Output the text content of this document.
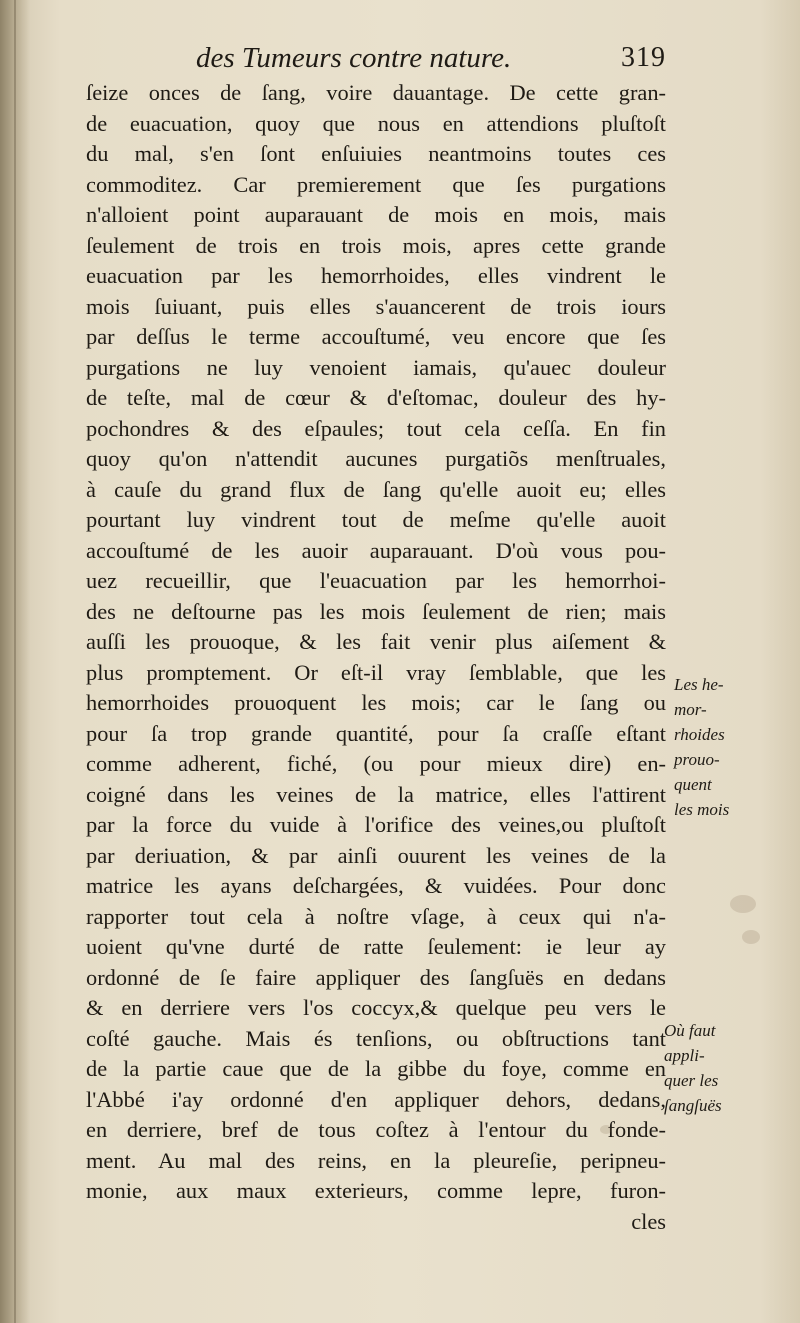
des Tumeurs contre nature.	319
ſeize onces de ſang, voire dauantage. De cette gran-
de euacuation, quoy que nous en attendions pluſtoſt
du mal, s'en ſont enſuiuies neantmoins toutes ces
commoditez. Car premierement que ſes purgations
n'alloient point auparauant de mois en mois, mais
ſeulement de trois en trois mois, apres cette grande
euacuation par les hemorrhoides, elles vindrent le
mois ſuiuant, puis elles s'auancerent de trois iours
par deſſus le terme accouſtumé, veu encore que ſes
purgations ne luy venoient iamais, qu'auec douleur
de teſte, mal de cœur & d'eſtomac, douleur des hy-
pochondres & des eſpaules; tout cela ceſſa. En fin
quoy qu'on n'attendit aucunes purgatiõs menſtruales,
à cauſe du grand flux de ſang qu'elle auoit eu; elles
pourtant luy vindrent tout de meſme qu'elle auoit
accouſtumé de les auoir auparauant. D'où vous pou-
uez recueillir, que l'euacuation par les hemorrhoi-
des ne deſtourne pas les mois ſeulement de rien; mais
auſſi les prouoque, & les fait venir plus aiſement &
plus promptement. Or eſt-il vray ſemblable, que les
hemorrhoides prouoquent les mois; car le ſang ou
pour ſa trop grande quantité, pour ſa craſſe eſtant
comme adherent, fiché, (ou pour mieux dire) en-
coigné dans les veines de la matrice, elles l'attirent
par la force du vuide à l'orifice des veines,ou pluſtoſt
par deriuation, & par ainſi ouurent les veines de la
matrice les ayans deſchargées, & vuidées. Pour donc
rapporter tout cela à noſtre vſage, à ceux qui n'a-
uoient qu'vne durté de ratte ſeulement: ie leur ay
ordonné de ſe faire appliquer des ſangſuës en dedans
& en derriere vers l'os coccyx,& quelque peu vers le
coſté gauche. Mais és tenſions, ou obſtructions tant
de la partie caue que de la gibbe du foye, comme en
l'Abbé i'ay ordonné d'en appliquer dehors, dedans,
en derriere, bref de tous coſtez à l'entour du fonde-
ment. Au mal des reins, en la pleureſie, peripneu-
monie, aux maux exterieurs, comme lepre, furon-
cles
Les he-
mor-
rhoides
prouo-
quent
les mois
Où faut
appli-
quer les
ſangſuës
